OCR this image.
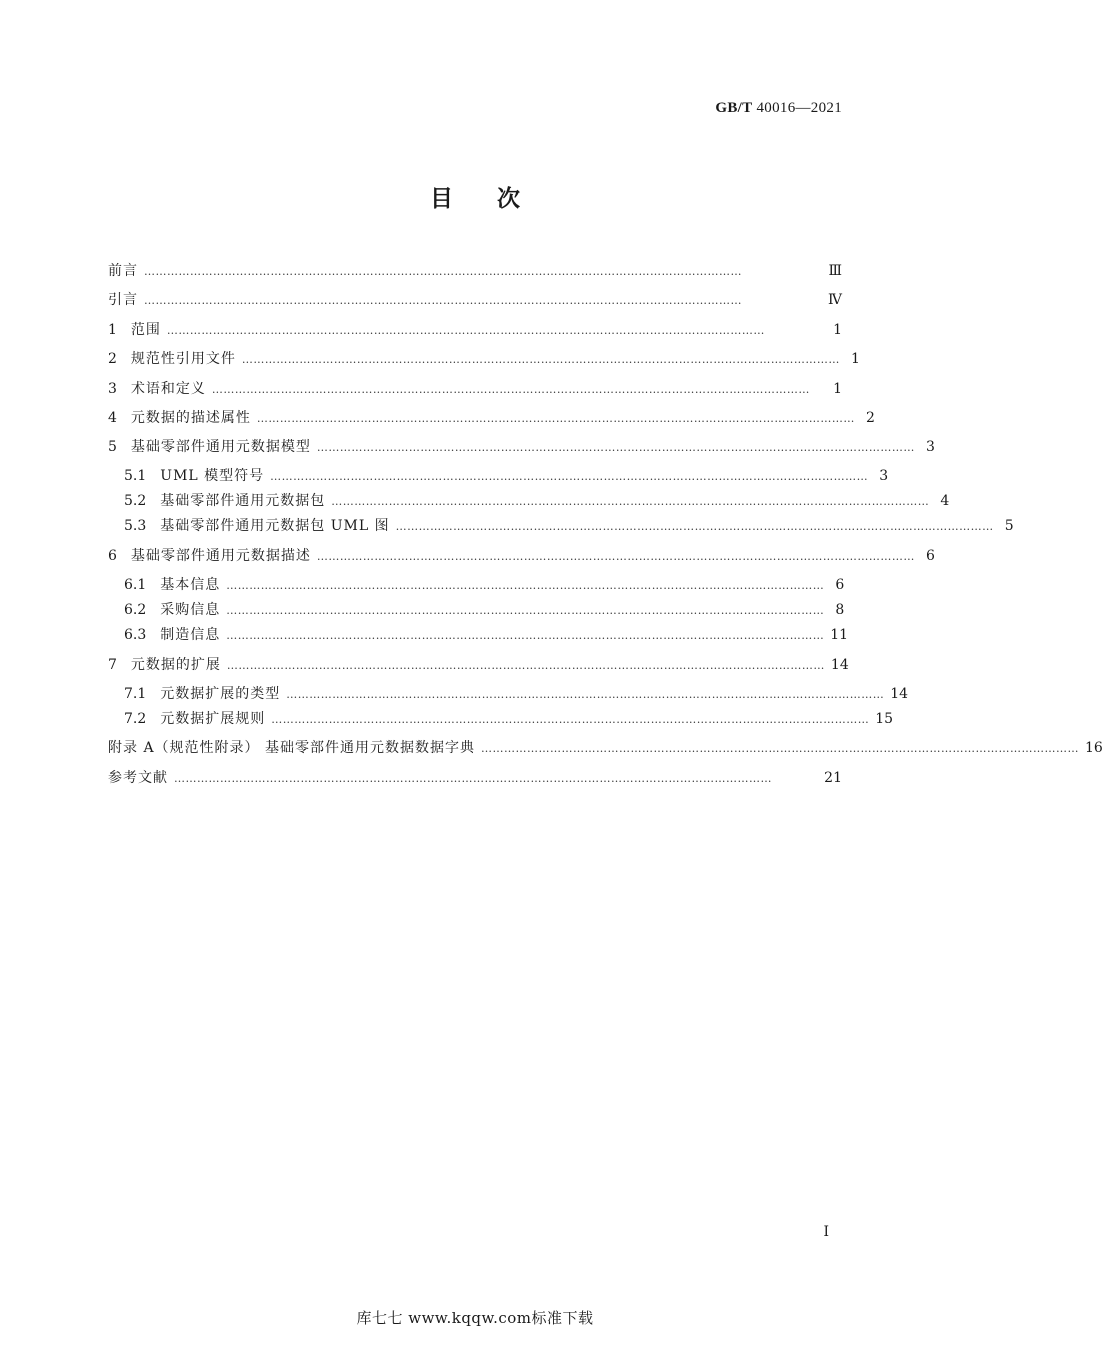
GB/T 40016—2021
目次
前言 …………………………………………………………………………………………………………………………………………	Ⅲ
引言 …………………………………………………………………………………………………………………………………………	Ⅳ
1 范围 …………………………………………………………………………………………………………………………………………	1
2 规范性引用文件 ………………………………………………………………………………………………………………………………………… 1
3 术语和定义 …………………………………………………………………………………………………………………………………………	1
4 元数据的描述属性 ………………………………………………………………………………………………………………………………………… 2
5 基础零部件通用元数据模型 ………………………………………………………………………………………………………………………………………… 3
5.1 UML 模型符号 ………………………………………………………………………………………………………………………………………… 3
5.2 基础零部件通用元数据包 ………………………………………………………………………………………………………………………………………… 4
5.3 基础零部件通用元数据包 UML 图 ………………………………………………………………………………………………………………………………………… 5
6 基础零部件通用元数据描述 ………………………………………………………………………………………………………………………………………… 6
6.1 基本信息 ………………………………………………………………………………………………………………………………………… 6
6.2 采购信息 ………………………………………………………………………………………………………………………………………… 8
6.3 制造信息 ………………………………………………………………………………………………………………………………………… 11
7 元数据的扩展 ………………………………………………………………………………………………………………………………………… 14
7.1 元数据扩展的类型 ………………………………………………………………………………………………………………………………………… 14
7.2 元数据扩展规则 ………………………………………………………………………………………………………………………………………… 15
附录 A（规范性附录） 基础零部件通用元数据数据字典 ………………………………………………………………………………………………………………………………………… 16
参考文献 …………………………………………………………………………………………………………………………………………	21
Ⅰ
库七七 www.kqqw.com标准下载
